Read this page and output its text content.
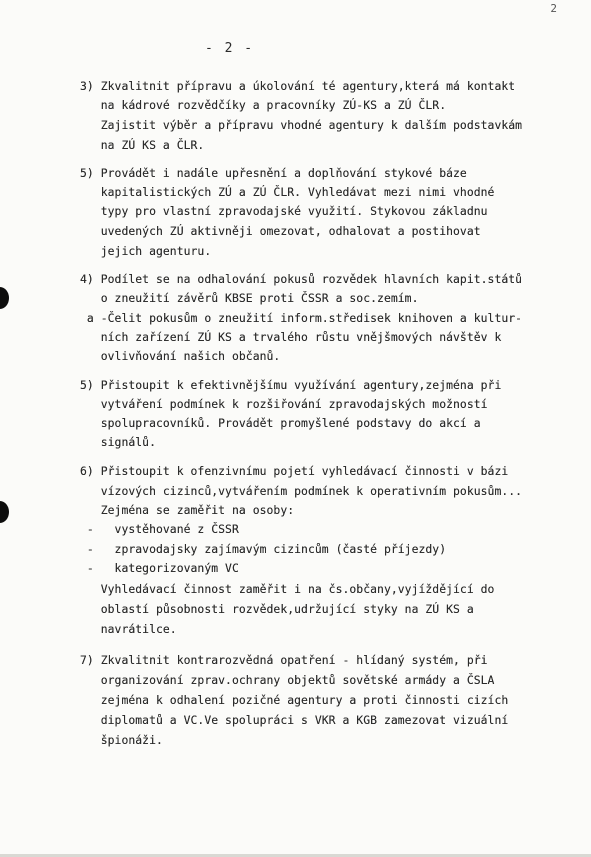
2
- 2 -
3) Zkvalitnit přípravu a úkolování té agentury,která má kontakt
na kádrové rozvědčíky a pracovníky ZÚ-KS a ZÚ ČLR.
Zajistit výběr a přípravu vhodné agentury k dalším podstavkám
na ZÚ KS a ČLR.
5) Provádět i nadále upřesnění a doplňování stykové báze
kapitalistických ZÚ a ZÚ ČLR. Vyhledávat mezi nimi vhodné
typy pro vlastní zpravodajské využití. Stykovou základnu
uvedených ZÚ aktivněji omezovat, odhalovat a postihovat
jejich agenturu.
4) Podílet se na odhalování pokusů rozvědek hlavních kapit.států
o zneužití závěrů KBSE proti ČSSR a soc.zemím.
a -Čelit pokusům o zneužití inform.středisek knihoven a kultur-
ních zařízení ZÚ KS a trvalého růstu vnějšmových návštěv k
ovlivňování našich občanů.
5) Přistoupit k efektivnějšímu využívání agentury,zejména při
vytváření podmínek k rozšiřování zpravodajských možností
spolupracovníků. Provádět promyšlené podstavy do akcí a
signálů.
6) Přistoupit k ofenzivnímu pojetí vyhledávací činnosti v bázi
vízových cizinců,vytvářením podmínek k operativním pokusům...
Zejména se zaměřit na osoby:
-   vystěhované z ČSSR
-   zpravodajsky zajímavým cizincům (časté příjezdy)
-   kategorizovaným VC
Vyhledávací činnost zaměřit i na čs.občany,vyjíždějící do
oblastí působnosti rozvědek,udržující styky na ZÚ KS a
navrátilce.
7) Zkvalitnit kontrarozvědná opatření - hlídaný systém, při
organizování zprav.ochrany objektů sovětské armády a ČSLA
zejména k odhalení pozičné agentury a proti činnosti cizích
diplomatů a VC.Ve spolupráci s VKR a KGB zamezovat vizuální
špionáži.
